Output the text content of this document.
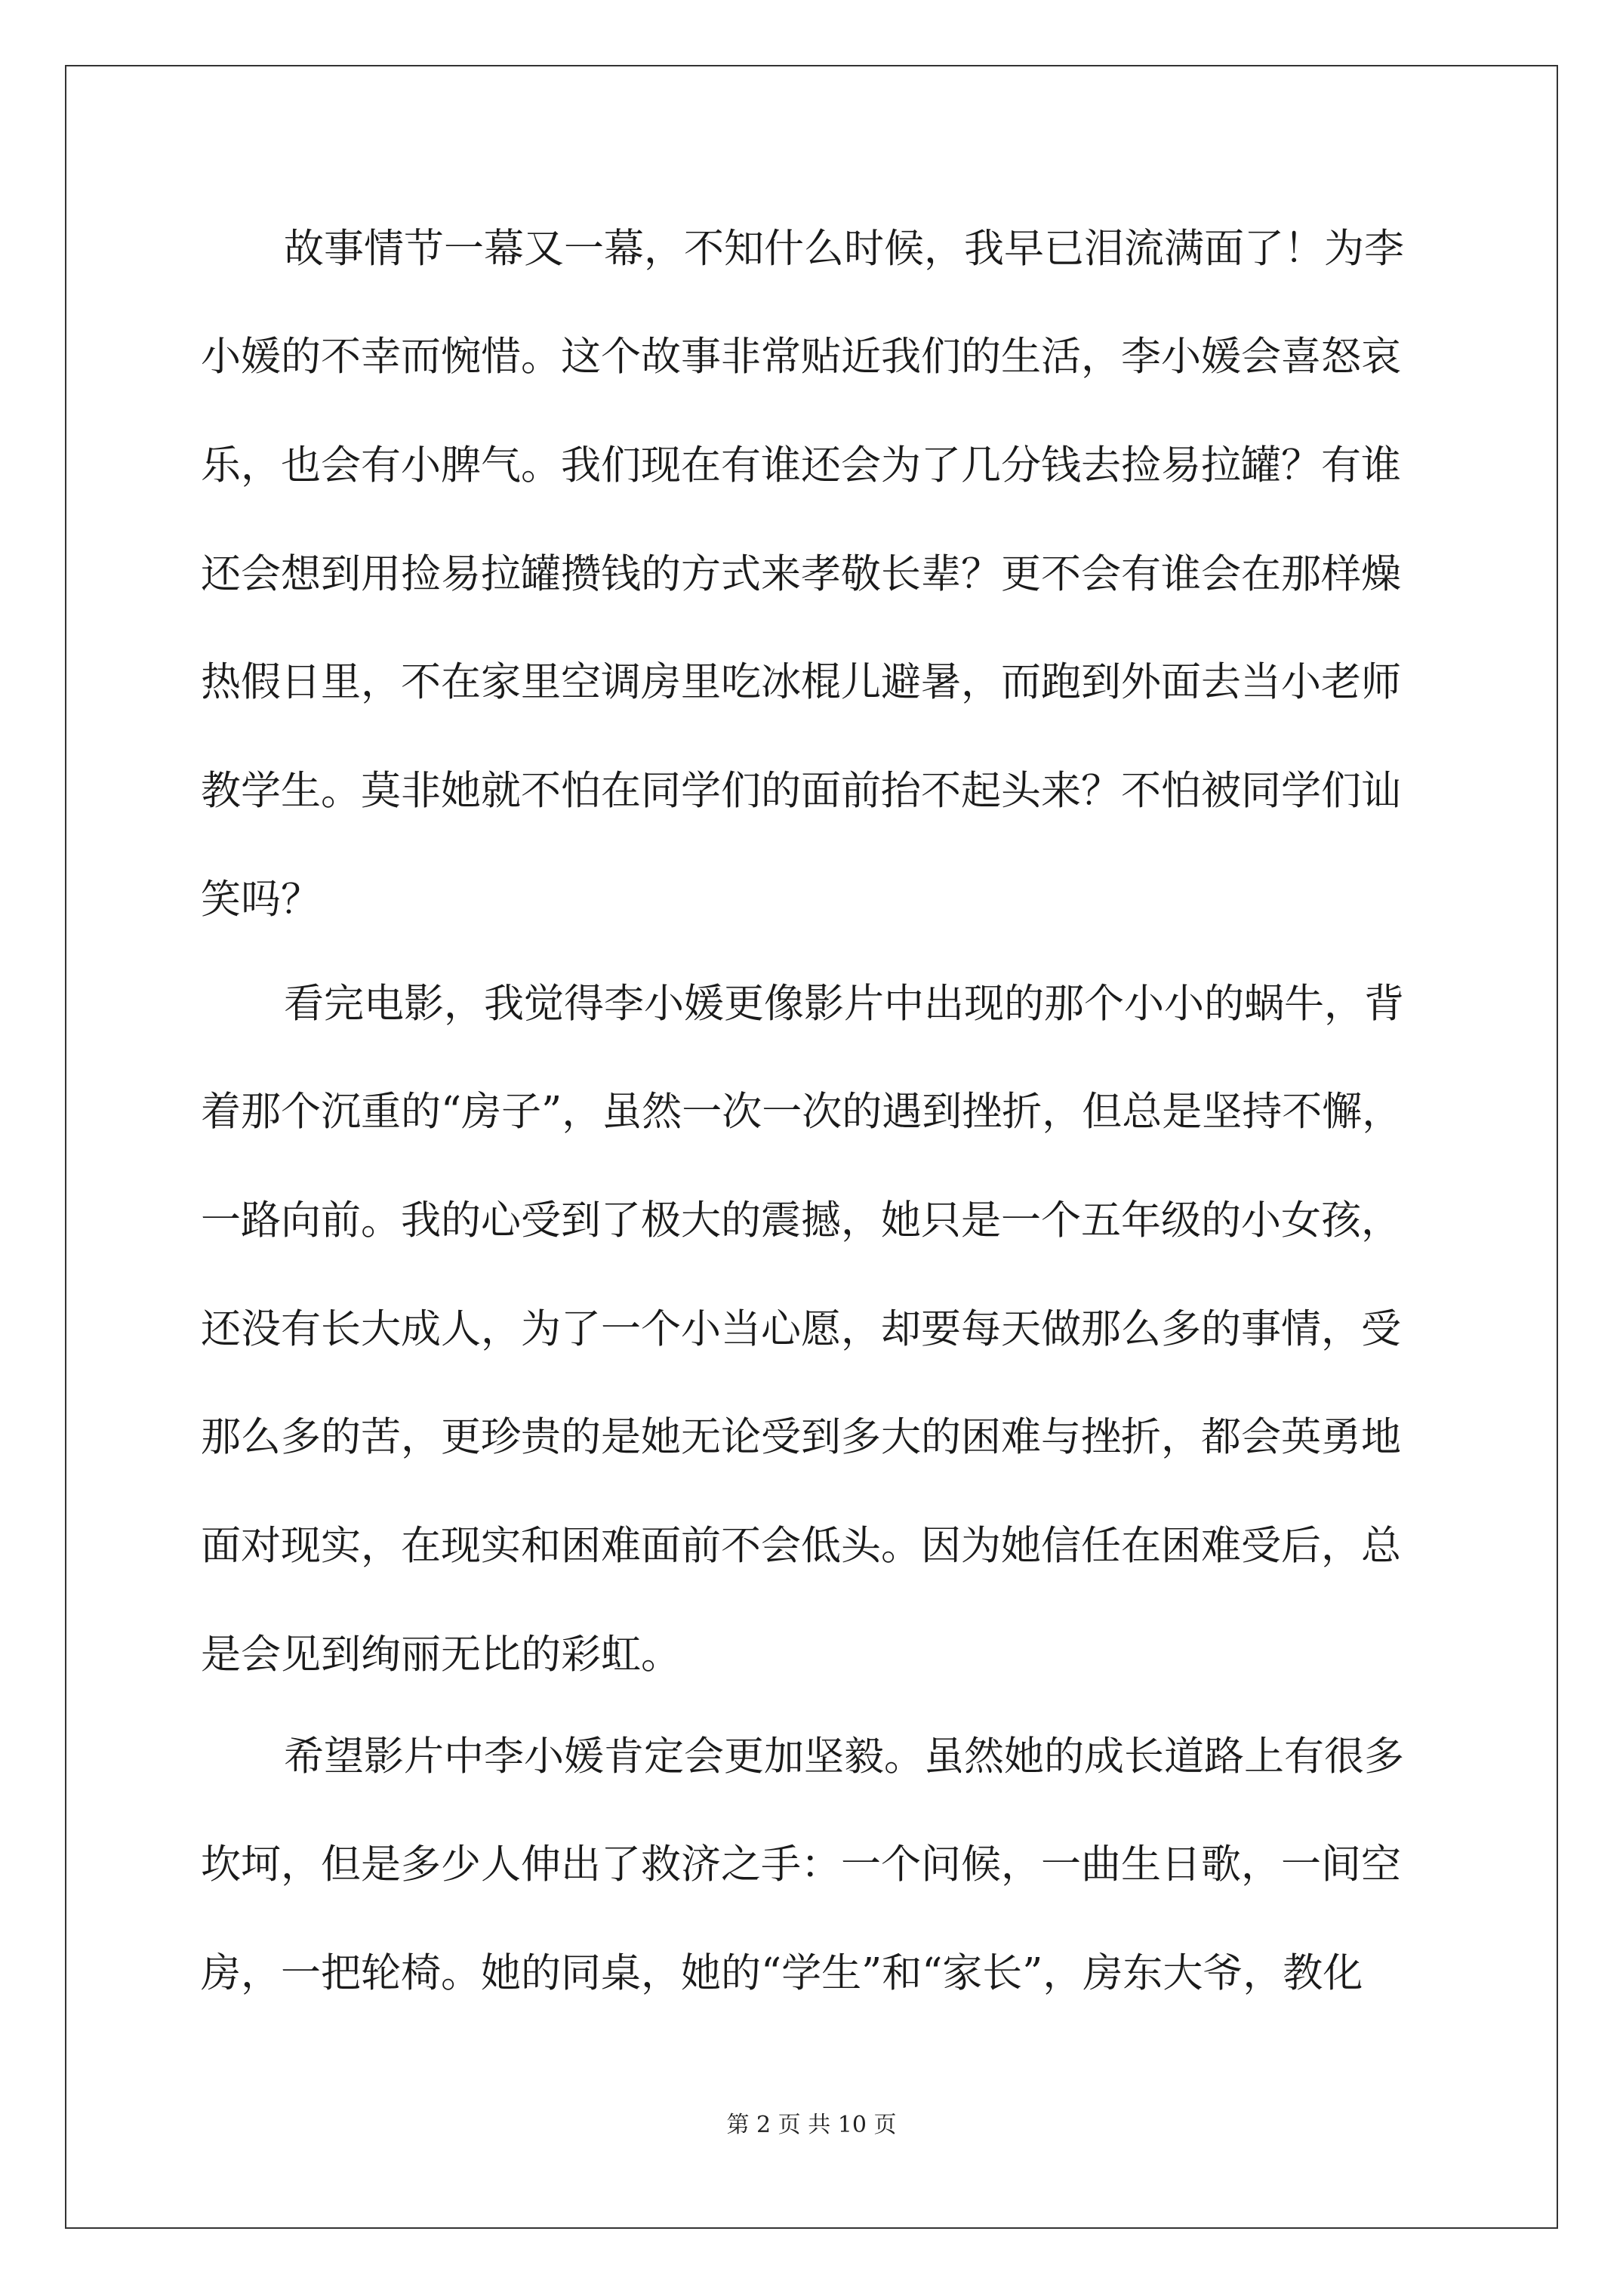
故事情节一幕又一幕，不知什么时候，我早已泪流满面了！为李
小媛的不幸而惋惜。这个故事非常贴近我们的生活，李小媛会喜怒哀
乐，也会有小脾气。我们现在有谁还会为了几分钱去捡易拉罐？有谁
还会想到用捡易拉罐攒钱的方式来孝敬长辈？更不会有谁会在那样燥
热假日里，不在家里空调房里吃冰棍儿避暑，而跑到外面去当小老师
教学生。莫非她就不怕在同学们的面前抬不起头来？不怕被同学们讪
笑吗？
看完电影，我觉得李小媛更像影片中出现的那个小小的蜗牛，背
着那个沉重的“房子”，虽然一次一次的遇到挫折，但总是坚持不懈，
一路向前。我的心受到了极大的震撼，她只是一个五年级的小女孩，
还没有长大成人，为了一个小当心愿，却要每天做那么多的事情，受
那么多的苦，更珍贵的是她无论受到多大的困难与挫折，都会英勇地
面对现实，在现实和困难面前不会低头。因为她信任在困难受后，总
是会见到绚丽无比的彩虹。
希望影片中李小媛肯定会更加坚毅。虽然她的成长道路上有很多
坎坷，但是多少人伸出了救济之手：一个问候，一曲生日歌，一间空
房，一把轮椅。她的同桌，她的“学生”和“家长”，房东大爷，教化
第 2 页 共 10 页
